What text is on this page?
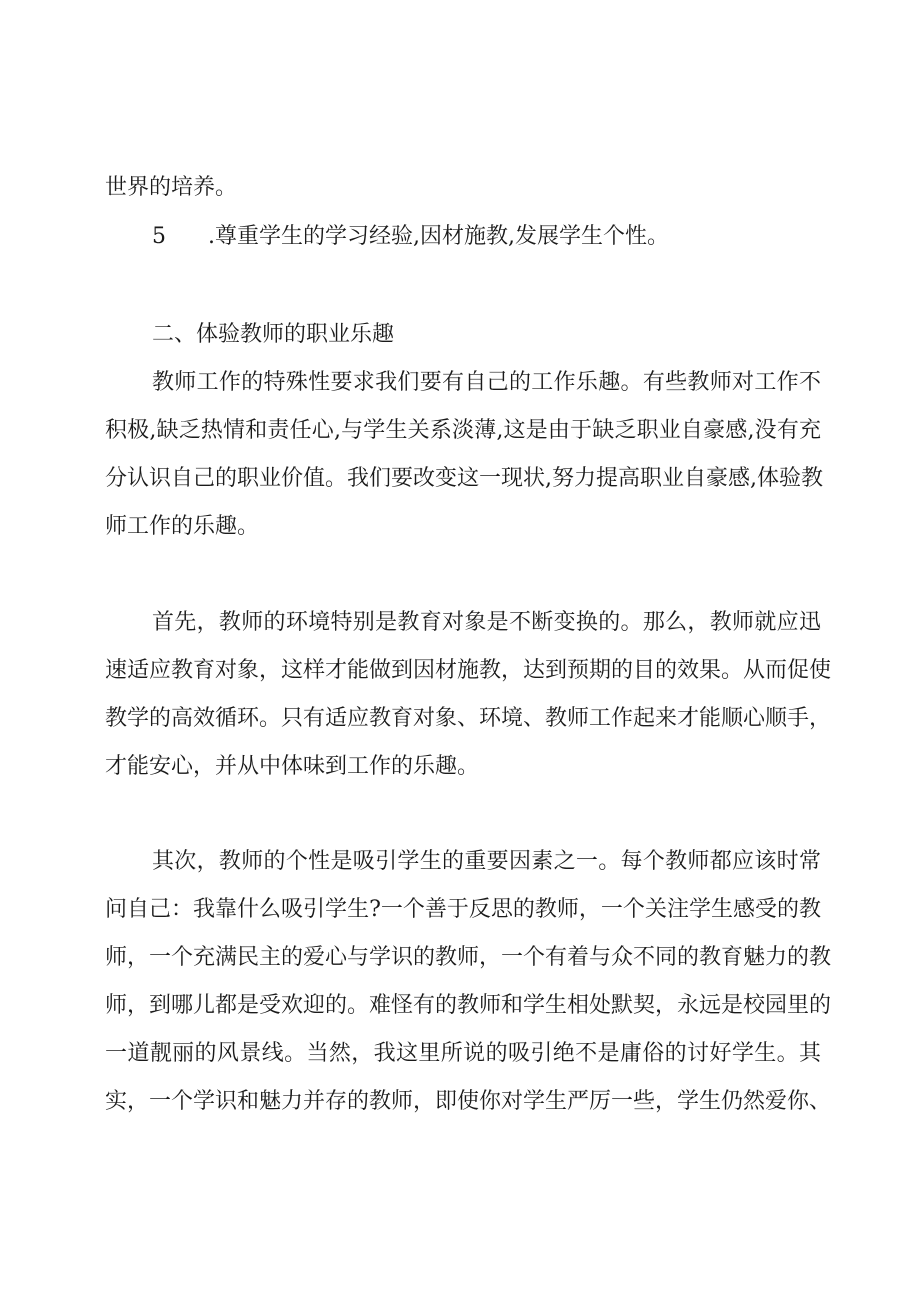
世界的培养。

5 .尊重学生的学习经验,因材施教,发展学生个性。

二、体验教师的职业乐趣

教师工作的特殊性要求我们要有自己的工作乐趣。有些教师对工作不

积极,缺乏热情和责任心,与学生关系淡薄,这是由于缺乏职业自豪感,没有充

分认识自己的职业价值。我们要改变这一现状,努力提高职业自豪感,体验教

师工作的乐趣。

首先，教师的环境特别是教育对象是不断变换的。那么，教师就应迅

速适应教育对象，这样才能做到因材施教，达到预期的目的效果。从而促使

教学的高效循环。只有适应教育对象、环境、教师工作起来才能顺心顺手，

才能安心，并从中体味到工作的乐趣。

其次，教师的个性是吸引学生的重要因素之一。每个教师都应该时常

问自己：我靠什么吸引学生?一个善于反思的教师，一个关注学生感受的教

师，一个充满民主的爱心与学识的教师，一个有着与众不同的教育魅力的教

师，到哪儿都是受欢迎的。难怪有的教师和学生相处默契，永远是校园里的

一道靓丽的风景线。当然，我这里所说的吸引绝不是庸俗的讨好学生。其

实，一个学识和魅力并存的教师，即使你对学生严厉一些，学生仍然爱你、
